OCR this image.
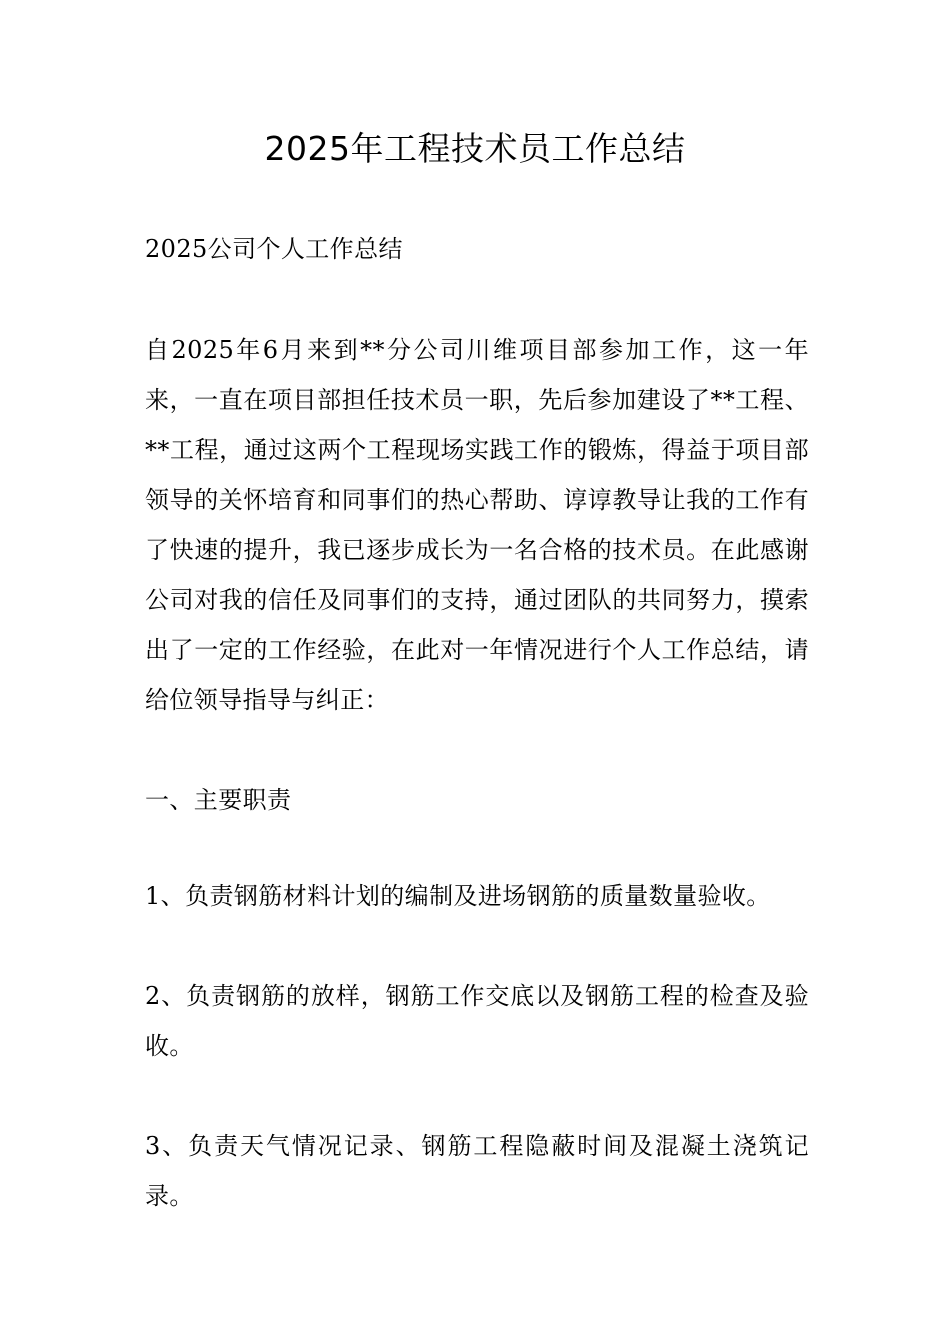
2025年工程技术员工作总结

2025公司个人工作总结

自2025年6月来到**分公司川维项目部参加工作，这一年来，一直在项目部担任技术员一职，先后参加建设了**工程、**工程，通过这两个工程现场实践工作的锻炼，得益于项目部领导的关怀培育和同事们的热心帮助、谆谆教导让我的工作有了快速的提升，我已逐步成长为一名合格的技术员。在此感谢公司对我的信任及同事们的支持，通过团队的共同努力，摸索出了一定的工作经验，在此对一年情况进行个人工作总结，请给位领导指导与纠正：

一、主要职责

1、负责钢筋材料计划的编制及进场钢筋的质量数量验收。

2、负责钢筋的放样，钢筋工作交底以及钢筋工程的检查及验收。

3、负责天气情况记录、钢筋工程隐蔽时间及混凝土浇筑记录。
